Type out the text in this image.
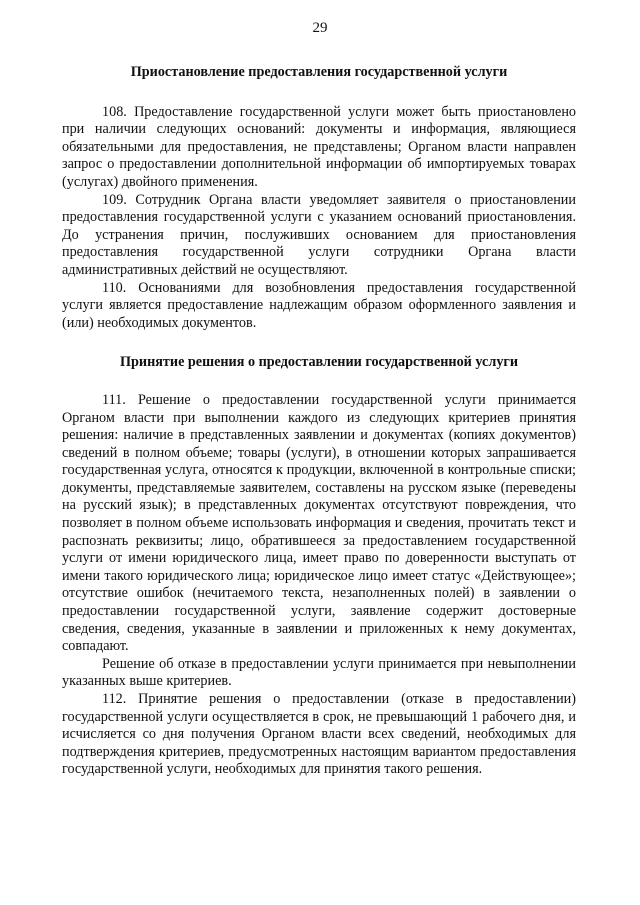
29
Приостановление предоставления государственной услуги

108. Предоставление государственной услуги может быть приостановлено при наличии следующих оснований: документы и информация, являющиеся обязательными для предоставления, не представлены; Органом власти направлен запрос о предоставлении дополнительной информации об импортируемых товарах (услугах) двойного применения.

109. Сотрудник Органа власти уведомляет заявителя о приостановлении предоставления государственной услуги с указанием оснований приостановления. До устранения причин, послуживших основанием для приостановления предоставления государственной услуги сотрудники Органа власти административных действий не осуществляют.

110. Основаниями для возобновления предоставления государственной услуги является предоставление надлежащим образом оформленного заявления и (или) необходимых документов.

Принятие решения о предоставлении государственной услуги

111. Решение о предоставлении государственной услуги принимается Органом власти при выполнении каждого из следующих критериев принятия решения: наличие в представленных заявлении и документах (копиях документов) сведений в полном объеме; товары (услуги), в отношении которых запрашивается государственная услуга, относятся к продукции, включенной в контрольные списки; документы, представляемые заявителем, составлены на русском языке (переведены на русский язык); в представленных документах отсутствуют повреждения, что позволяет в полном объеме использовать информация и сведения, прочитать текст и распознать реквизиты; лицо, обратившееся за предоставлением государственной услуги от имени юридического лица, имеет право по доверенности выступать от имени такого юридического лица; юридическое лицо имеет статус «Действующее»; отсутствие ошибок (нечитаемого текста, незаполненных полей) в заявлении о предоставлении государственной услуги, заявление содержит достоверные сведения, сведения, указанные в заявлении и приложенных к нему документах, совпадают.

Решение об отказе в предоставлении услуги принимается при невыполнении указанных выше критериев.

112. Принятие решения о предоставлении (отказе в предоставлении) государственной услуги осуществляется в срок, не превышающий 1 рабочего дня, и исчисляется со дня получения Органом власти всех сведений, необходимых для подтверждения критериев, предусмотренных настоящим вариантом предоставления государственной услуги, необходимых для принятия такого решения.
